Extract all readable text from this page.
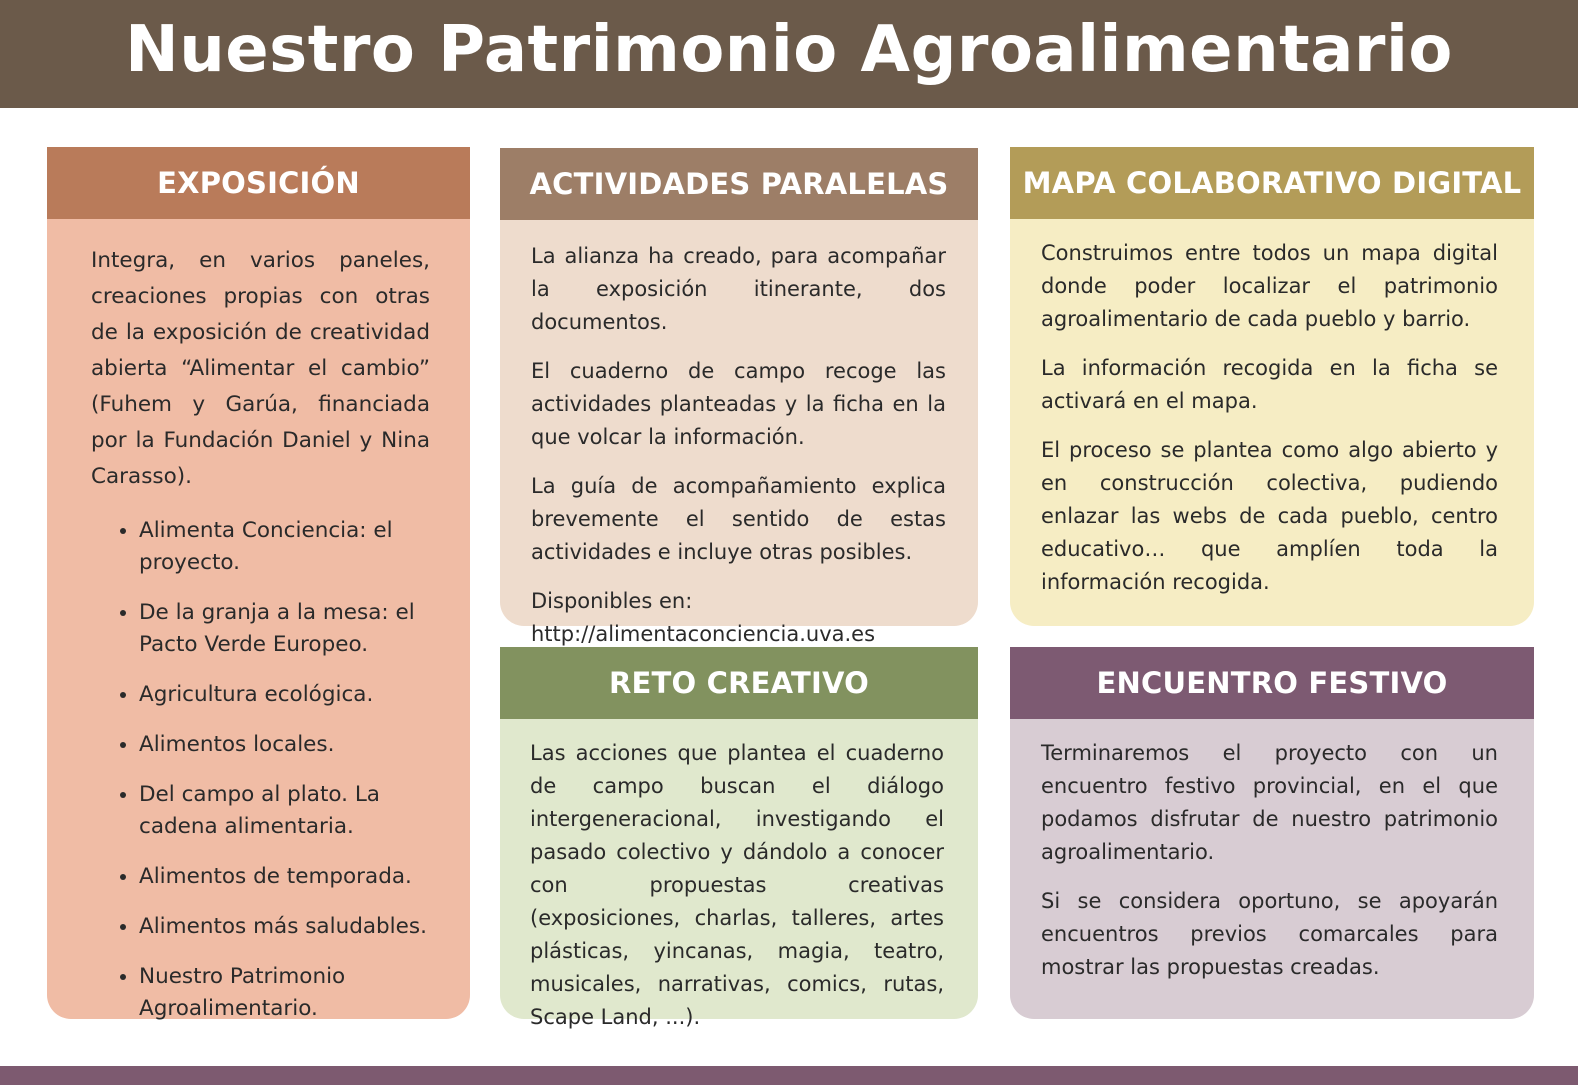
Nuestro Patrimonio Agroalimentario
EXPOSICIÓN

Integra, en varios paneles, creaciones propias con otras de la exposición de creatividad abierta “Alimentar el cambio” (Fuhem y Garúa, financiada por la Fundación Daniel y Nina Carasso).

• Alimenta Conciencia: el proyecto.
• De la granja a la mesa: el Pacto Verde Europeo.
• Agricultura ecológica.
• Alimentos locales.
• Del campo al plato. La cadena alimentaria.
• Alimentos de temporada.
• Alimentos más saludables.
• Nuestro Patrimonio Agroalimentario.
ACTIVIDADES PARALELAS

La alianza ha creado, para acompañar la exposición itinerante, dos documentos.

El cuaderno de campo recoge las actividades planteadas y la ficha en la que volcar la información.

La guía de acompañamiento explica brevemente el sentido de estas actividades e incluye otras posibles.

Disponibles en:
http://alimentaconciencia.uva.es

MAPA COLABORATIVO DIGITAL

Construimos entre todos un mapa digital donde poder localizar el patrimonio agroalimentario de cada pueblo y barrio.

La información recogida en la ficha se activará en el mapa.

El proceso se plantea como algo abierto y en construcción colectiva, pudiendo enlazar las webs de cada pueblo, centro educativo… que amplíen toda la información recogida.

RETO CREATIVO

Las acciones que plantea el cuaderno de campo buscan el diálogo intergeneracional, investigando el pasado colectivo y dándolo a conocer con propuestas creativas (exposiciones, charlas, talleres, artes plásticas, yincanas, magia, teatro, musicales, narrativas, comics, rutas, Scape Land, ...).

ENCUENTRO FESTIVO

Terminaremos el proyecto con un encuentro festivo provincial, en el que podamos disfrutar de nuestro patrimonio agroalimentario.

Si se considera oportuno, se apoyarán encuentros previos comarcales para mostrar las propuestas creadas.
